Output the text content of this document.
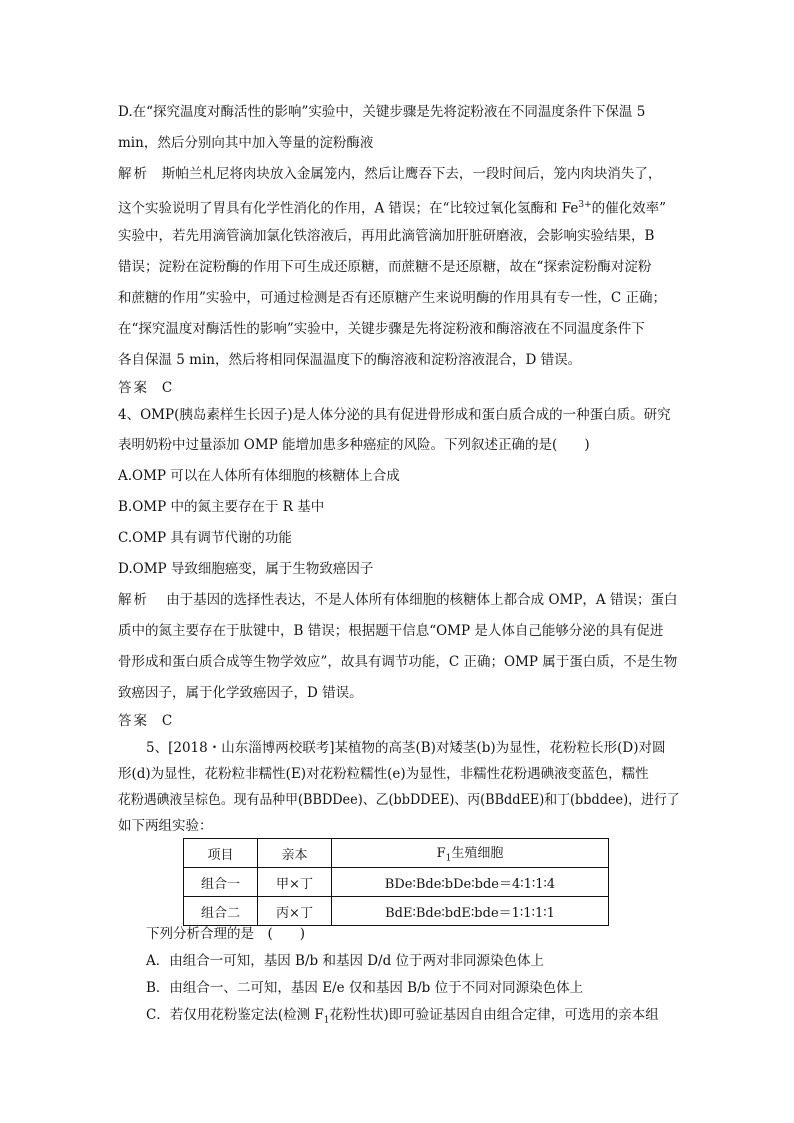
D.在“探究温度对酶活性的影响”实验中，关键步骤是先将淀粉液在不同温度条件下保温 5
min，然后分别向其中加入等量的淀粉酶液
解析 斯帕兰札尼将肉块放入金属笼内，然后让鹰吞下去，一段时间后，笼内肉块消失了，
这个实验说明了胃具有化学性消化的作用，A 错误；在“比较过氧化氢酶和 $Fe^{3+}$的催化效率”
实验中，若先用滴管滴加氯化铁溶液后，再用此滴管滴加肝脏研磨液，会影响实验结果，B
错误；淀粉在淀粉酶的作用下可生成还原糖，而蔗糖不是还原糖，故在“探索淀粉酶对淀粉
和蔗糖的作用”实验中，可通过检测是否有还原糖产生来说明酶的作用具有专一性，C 正确；
在“探究温度对酶活性的影响”实验中，关键步骤是先将淀粉液和酶溶液在不同温度条件下
各自保温 5 min，然后将相同保温温度下的酶溶液和淀粉溶液混合，D 错误。
答案 C
4、OMP(胰岛素样生长因子)是人体分泌的具有促进骨形成和蛋白质合成的一种蛋白质。研究
表明奶粉中过量添加 OMP 能增加患多种癌症的风险。下列叙述正确的是(　　)
A.OMP 可以在人体所有体细胞的核糖体上合成
B.OMP 中的氮主要存在于 R 基中
C.OMP 具有调节代谢的功能
D.OMP 导致细胞癌变，属于生物致癌因子
解析 由于基因的选择性表达，不是人体所有体细胞的核糖体上都合成 OMP，A 错误；蛋白
质中的氮主要存在于肽键中，B 错误；根据题干信息“OMP 是人体自己能够分泌的具有促进
骨形成和蛋白质合成等生物学效应”，故具有调节功能，C 正确；OMP 属于蛋白质，不是生物
致癌因子，属于化学致癌因子，D 错误。
答案 C
5、[2018・山东淄博两校联考]某植物的高茎(B)对矮茎(b)为显性，花粉粒长形(D)对圆
形(d)为显性，花粉粒非糯性(E)对花粉粒糯性(e)为显性，非糯性花粉遇碘液变蓝色，糯性
花粉遇碘液呈棕色。现有品种甲(BBDDee)、乙(bbDDEE)、丙(BBddEE)和丁(bbddee)，进行了
如下两组实验：
项目	亲本	$F_1$生殖细胞
组合一	甲×丁	BDe∶Bde∶bDe∶bde＝4∶1∶1∶4
组合二	丙×丁	BdE∶Bde∶bdE∶bde＝1∶1∶1∶1
下列分析合理的是　(　　)
A．由组合一可知，基因 B/b 和基因 D/d 位于两对非同源染色体上
B．由组合一、二可知，基因 E/e 仅和基因 B/b 位于不同对同源染色体上
C．若仅用花粉鉴定法(检测 $F_1$花粉性状)即可验证基因自由组合定律，可选用的亲本组
